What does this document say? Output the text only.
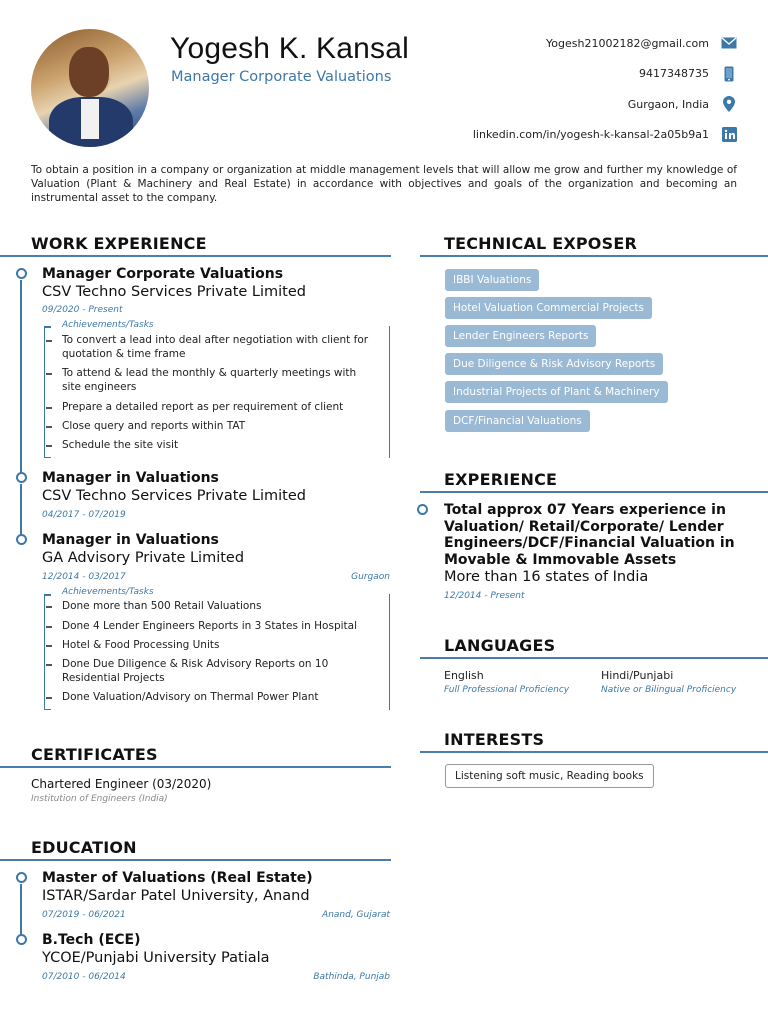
Yogesh K. Kansal
Manager Corporate Valuations
Yogesh21002182@gmail.com
9417348735
Gurgaon, India
linkedin.com/in/yogesh-k-kansal-2a05b9a1
To obtain a position in a company or organization at middle management levels that will allow me grow and further my knowledge of Valuation (Plant & Machinery and Real Estate) in accordance with objectives and goals of the organization and becoming an instrumental asset to the company.
WORK EXPERIENCE
Manager Corporate Valuations
CSV Techno Services Private Limited
09/2020 - Present
Achievements/Tasks
To convert a lead into deal after negotiation with client for quotation & time frame
To attend & lead the monthly & quarterly meetings with site engineers
Prepare a detailed report as per requirement of client
Close query and reports within TAT
Schedule the site visit
Manager in Valuations
CSV Techno Services Private Limited
04/2017 - 07/2019
Manager in Valuations
GA Advisory Private Limited
12/2014 - 03/2017	Gurgaon
Achievements/Tasks
Done more than 500 Retail Valuations
Done 4 Lender Engineers Reports in 3 States in Hospital
Hotel & Food Processing Units
Done Due Diligence & Risk Advisory Reports on 10 Residential Projects
Done Valuation/Advisory on Thermal Power Plant
CERTIFICATES
Chartered Engineer (03/2020)
Institution of Engineers (India)
EDUCATION
Master of Valuations (Real Estate)
ISTAR/Sardar Patel University, Anand
07/2019 - 06/2021	Anand, Gujarat
B.Tech (ECE)
YCOE/Punjabi University Patiala
07/2010 - 06/2014	Bathinda, Punjab
TECHNICAL EXPOSER
IBBI Valuations
Hotel Valuation Commercial Projects
Lender Engineers Reports
Due Diligence & Risk Advisory Reports
Industrial Projects of Plant & Machinery
DCF/Financial Valuations
EXPERIENCE
Total approx 07 Years experience in Valuation/ Retail/Corporate/ Lender Engineers/DCF/Financial Valuation in Movable & Immovable Assets
More than 16 states of India
12/2014 - Present
LANGUAGES
English
Full Professional Proficiency
Hindi/Punjabi
Native or Bilingual Proficiency
INTERESTS
Listening soft music, Reading books
